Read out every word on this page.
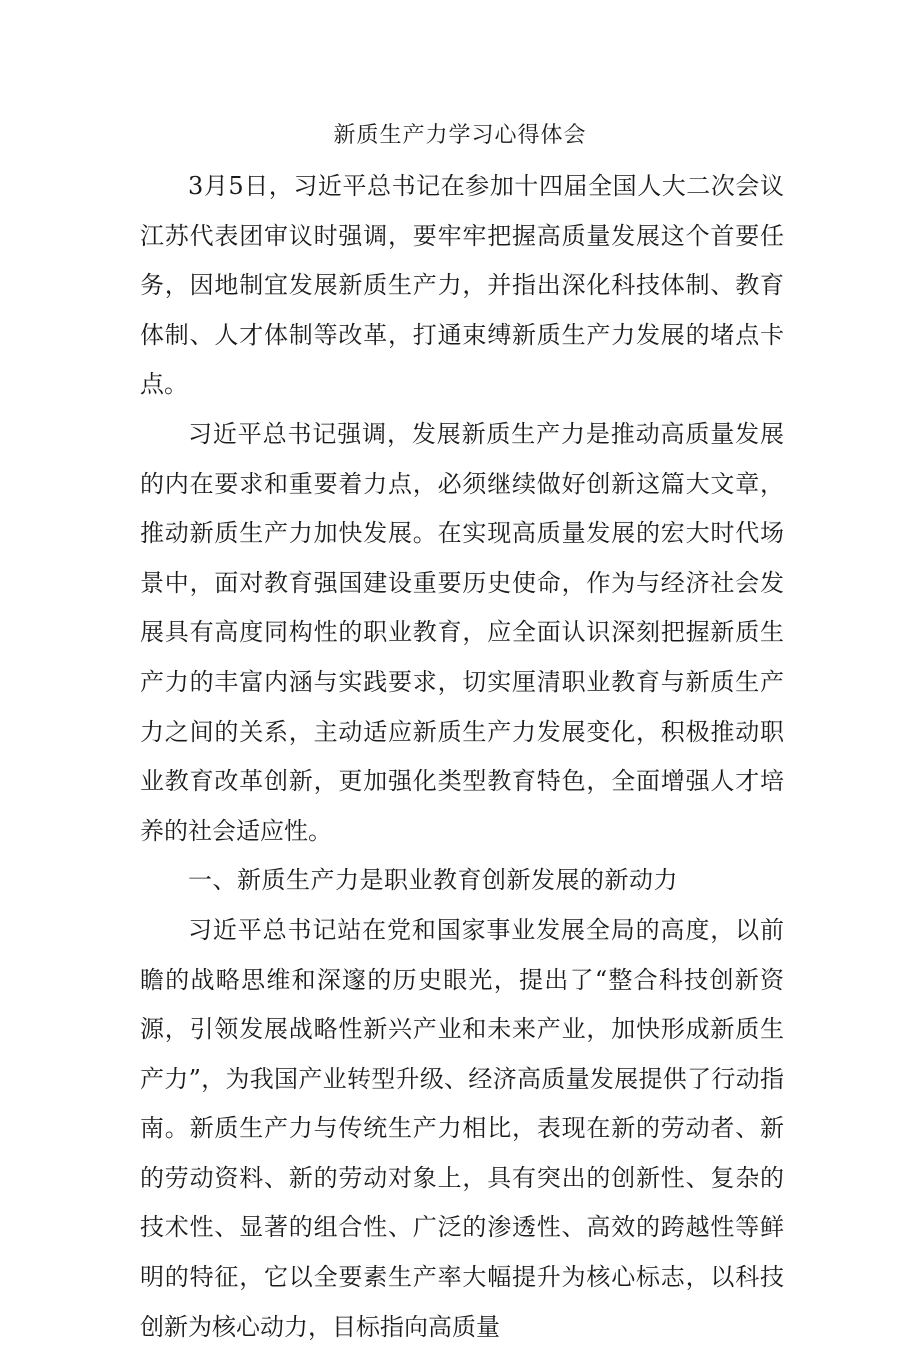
新质生产力学习心得体会

3月5日，习近平总书记在参加十四届全国人大二次会议江苏代表团审议时强调，要牢牢把握高质量发展这个首要任务，因地制宜发展新质生产力，并指出深化科技体制、教育体制、人才体制等改革，打通束缚新质生产力发展的堵点卡点。

习近平总书记强调，发展新质生产力是推动高质量发展的内在要求和重要着力点，必须继续做好创新这篇大文章，推动新质生产力加快发展。在实现高质量发展的宏大时代场景中，面对教育强国建设重要历史使命，作为与经济社会发展具有高度同构性的职业教育，应全面认识深刻把握新质生产力的丰富内涵与实践要求，切实厘清职业教育与新质生产力之间的关系，主动适应新质生产力发展变化，积极推动职业教育改革创新，更加强化类型教育特色，全面增强人才培养的社会适应性。

一、新质生产力是职业教育创新发展的新动力

习近平总书记站在党和国家事业发展全局的高度，以前瞻的战略思维和深邃的历史眼光，提出了“整合科技创新资源，引领发展战略性新兴产业和未来产业，加快形成新质生产力”，为我国产业转型升级、经济高质量发展提供了行动指南。新质生产力与传统生产力相比，表现在新的劳动者、新的劳动资料、新的劳动对象上，具有突出的创新性、复杂的技术性、显著的组合性、广泛的渗透性、高效的跨越性等鲜明的特征，它以全要素生产率大幅提升为核心标志，以科技创新为核心动力，目标指向高质量
